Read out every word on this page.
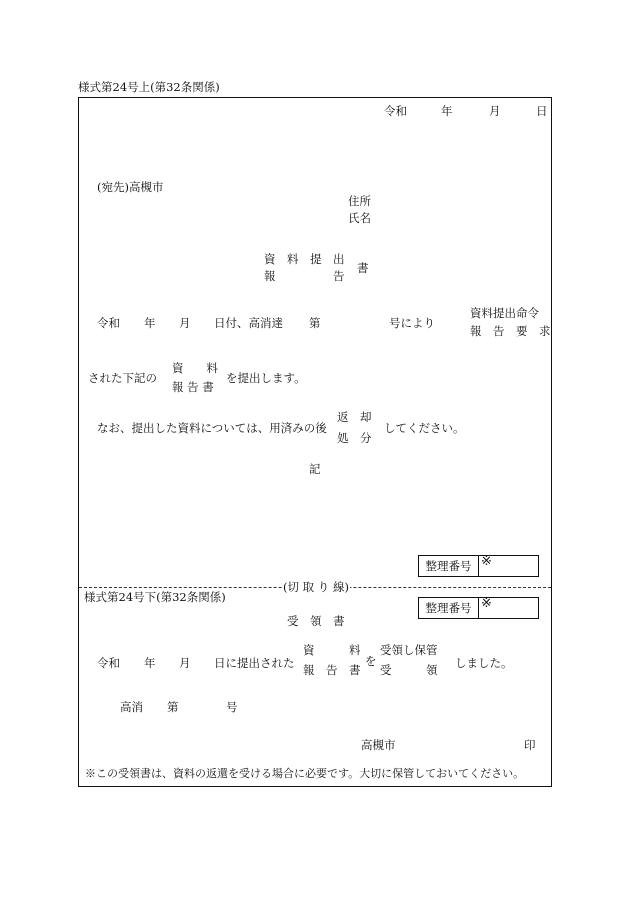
様式第24号上(第32条関係)
(切 取 り 線)
令和	年	月	日
(宛先)高槻市
住所
氏名
資　料　提　出
報　　　　　告
書
令和 年 月 日付、高消達 第	号により
資料提出命令
報　告　要　求
された下記の
資　　料
報 告 書
を提出します。
なお、提出した資料については、用済みの後
返　却
処　分
してください。
記
整理番号 ※
様式第24号下(第32条関係)
整理番号 ※
受　領　書
令和 年 月 日に提出された
資　　　料
報　告　書
を
受領し保管
受　　　領 しました。
高消 第	号
高槻市	印
※この受領書は、資料の返還を受ける場合に必要です。大切に保管しておいてください。
